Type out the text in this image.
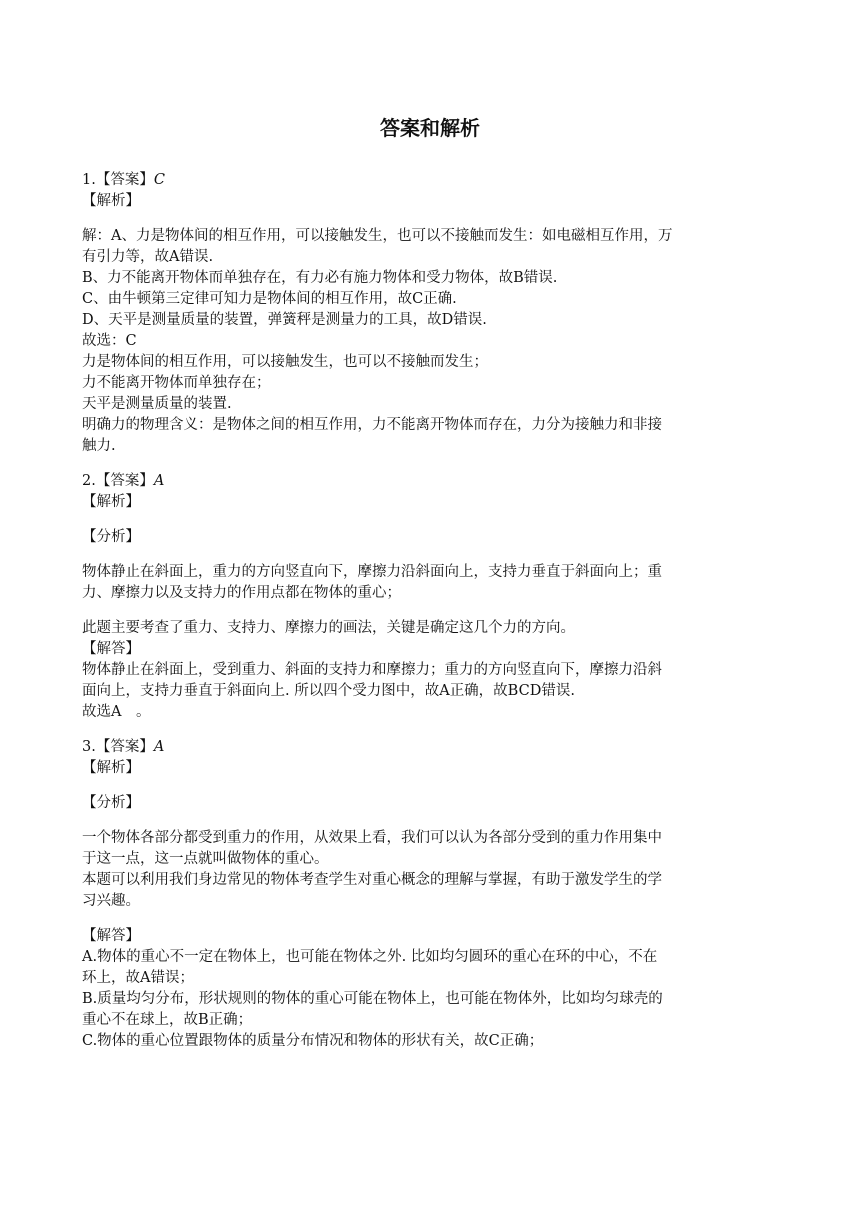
答案和解析
1.【答案】C
【解析】
解：A、力是物体间的相互作用，可以接触发生，也可以不接触而发生：如电磁相互作用，万
有引力等，故A错误.
B、力不能离开物体而单独存在，有力必有施力物体和受力物体，故B错误.
C、由牛顿第三定律可知力是物体间的相互作用，故C正确.
D、天平是测量质量的装置，弹簧秤是测量力的工具，故D错误.
故选：C
力是物体间的相互作用，可以接触发生，也可以不接触而发生；
力不能离开物体而单独存在；
天平是测量质量的装置.
明确力的物理含义：是物体之间的相互作用，力不能离开物体而存在，力分为接触力和非接
触力.
2.【答案】A
【解析】
【分析】
物体静止在斜面上，重力的方向竖直向下，摩擦力沿斜面向上，支持力垂直于斜面向上；重
力、摩擦力以及支持力的作用点都在物体的重心；
此题主要考查了重力、支持力、摩擦力的画法，关键是确定这几个力的方向。
【解答】
物体静止在斜面上，受到重力、斜面的支持力和摩擦力；重力的方向竖直向下，摩擦力沿斜
面向上，支持力垂直于斜面向上. 所以四个受力图中，故A正确，故BCD错误.
故选A　。
3.【答案】A
【解析】
【分析】
一个物体各部分都受到重力的作用，从效果上看，我们可以认为各部分受到的重力作用集中
于这一点，这一点就叫做物体的重心。
本题可以利用我们身边常见的物体考查学生对重心概念的理解与掌握，有助于激发学生的学
习兴趣。
【解答】
A.物体的重心不一定在物体上，也可能在物体之外. 比如均匀圆环的重心在环的中心，不在
环上，故A错误；
B.质量均匀分布，形状规则的物体的重心可能在物体上，也可能在物体外，比如均匀球壳的
重心不在球上，故B正确；
C.物体的重心位置跟物体的质量分布情况和物体的形状有关，故C正确；
